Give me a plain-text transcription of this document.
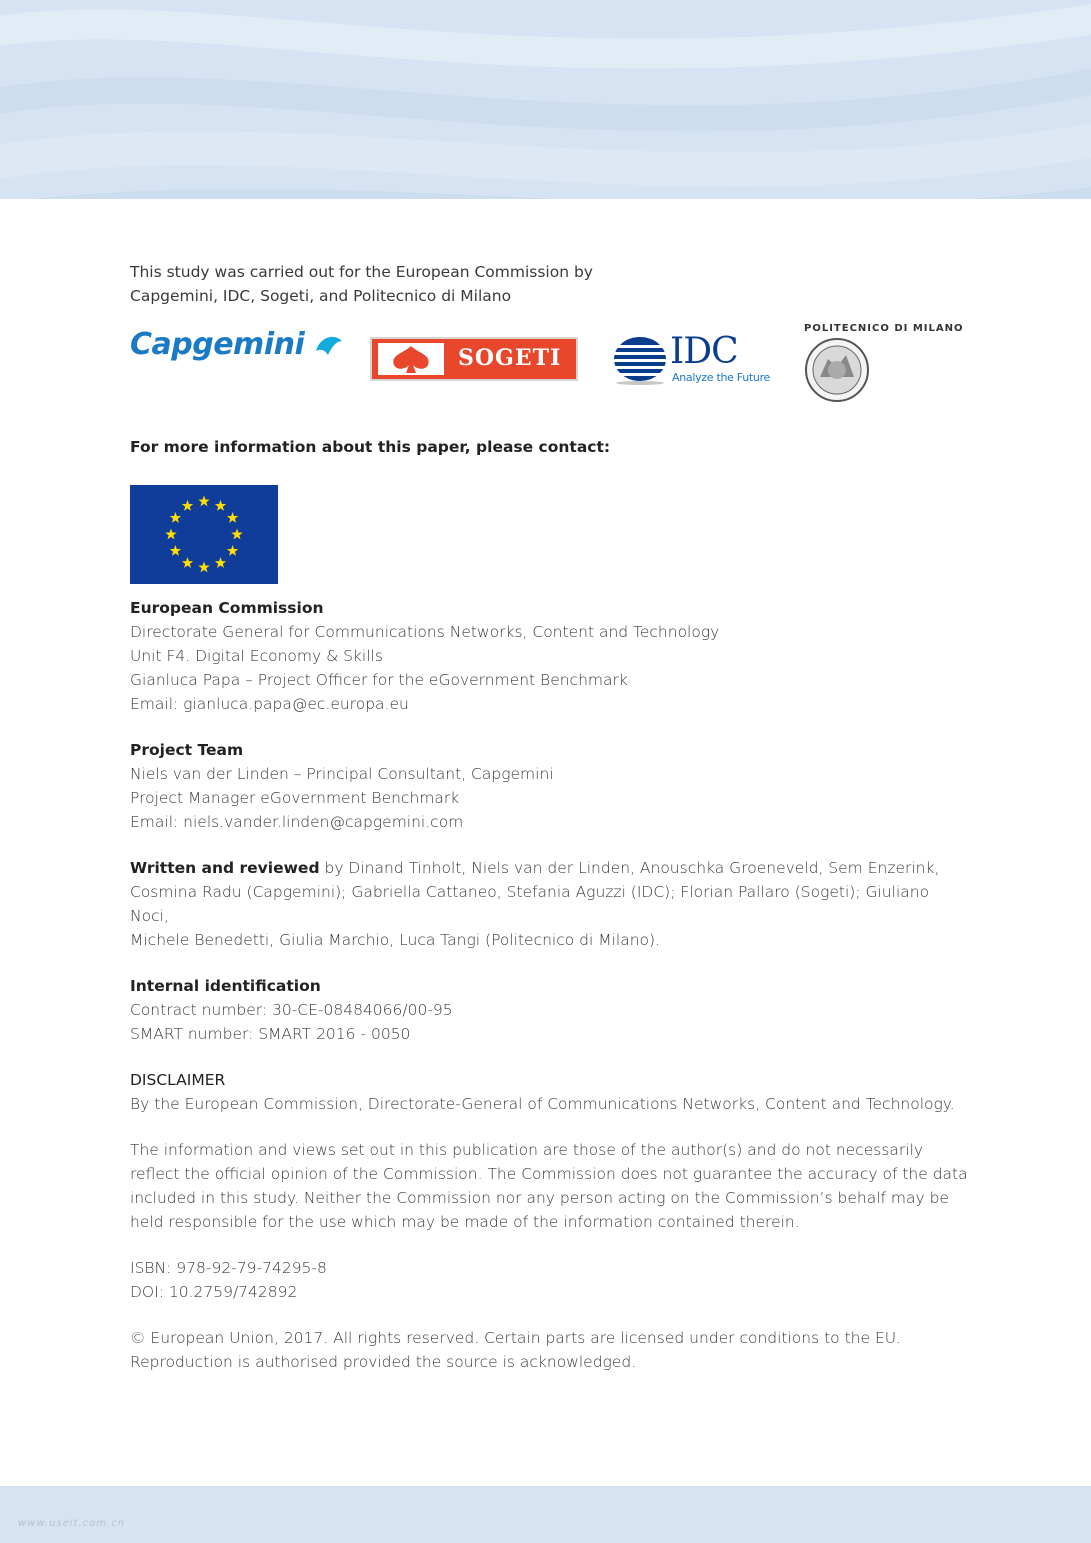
This study was carried out for the European Commission by
Capgemini, IDC, Sogeti, and Politecnico di Milano

Capgemini	SOGETI	IDC
Analyze the Future
POLITECNICO DI MILANO

For more information about this paper, please contact:

European Commission

Directorate General for Communications Networks, Content and Technology

Unit F4. Digital Economy & Skills

Gianluca Papa – Project Officer for the eGovernment Benchmark

Email: gianluca.papa@ec.europa.eu

Project Team

Niels van der Linden – Principal Consultant, Capgemini

Project Manager eGovernment Benchmark

Email: niels.vander.linden@capgemini.com

Written and reviewed by Dinand Tinholt, Niels van der Linden, Anouschka Groeneveld, Sem Enzerink,

Cosmina Radu (Capgemini); Gabriella Cattaneo, Stefania Aguzzi (IDC); Florian Pallaro (Sogeti); Giuliano Noci,

Michele Benedetti, Giulia Marchio, Luca Tangi (Politecnico di Milano).

Internal identification

Contract number: 30-CE-08484066/00-95

SMART number: SMART 2016 - 0050

DISCLAIMER

By the European Commission, Directorate-General of Communications Networks, Content and Technology.

The information and views set out in this publication are those of the author(s) and do not necessarily

reflect the official opinion of the Commission. The Commission does not guarantee the accuracy of the data

included in this study. Neither the Commission nor any person acting on the Commission’s behalf may be

held responsible for the use which may be made of the information contained therein.

ISBN: 978-92-79-74295-8

DOI: 10.2759/742892

© European Union, 2017. All rights reserved. Certain parts are licensed under conditions to the EU.

Reproduction is authorised provided the source is acknowledged.

www.useit.com.cn
